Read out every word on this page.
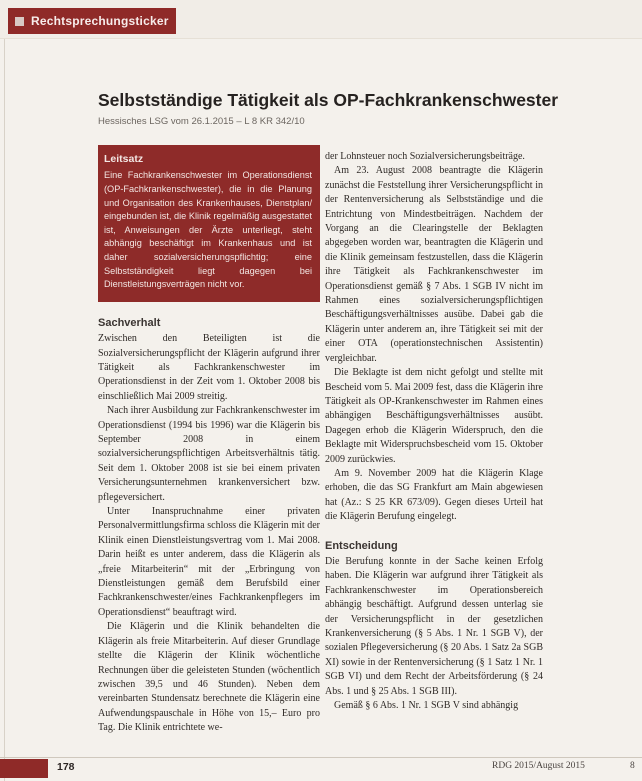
Rechtsprechungsticker
Selbstständige Tätigkeit als OP-Fachkrankenschwester
Hessisches LSG vom 26.1.2015 – L 8 KR 342/10
Leitsatz
Eine Fachkrankenschwester im Operationsdienst (OP-Fachkrankenschwester), die in die Planung und Organisation des Krankenhauses, Dienstplan/ eingebunden ist, die Klinik regelmäßig ausgestattet ist, Anweisungen der Ärzte unterliegt, steht abhängig beschäftigt im Krankenhaus und ist daher sozialversicherungspflichtig; eine Selbstständigkeit liegt dagegen bei Dienstleistungsverträgen nicht vor.
Sachverhalt

Zwischen den Beteiligten ist die Sozialversicherungspflicht der Klägerin aufgrund ihrer Tätigkeit als Fachkrankenschwester im Operationsdienst in der Zeit vom 1. Oktober 2008 bis einschließlich Mai 2009 streitig.

Nach ihrer Ausbildung zur Fachkrankenschwester im Operationsdienst (1994 bis 1996) war die Klägerin bis September 2008 in einem sozialversicherungspflichtigen Arbeitsverhältnis tätig. Seit dem 1. Oktober 2008 ist sie bei einem privaten Versicherungsunternehmen krankenversichert bzw. pflegeversichert.

Unter Inanspruchnahme einer privaten Personalvermittlungsfirma schloss die Klägerin mit der Klinik einen Dienstleistungsvertrag vom 1. Mai 2008. Darin heißt es unter anderem, dass die Klägerin als „freie Mitarbeiterin“ mit der „Erbringung von Dienstleistungen gemäß dem Berufsbild einer Fachkrankenschwester/eines Fachkrankenpflegers im Operationsdienst“ beauftragt wird.

Die Klägerin und die Klinik behandelten die Klägerin als freie Mitarbeiterin. Auf dieser Grundlage stellte die Klägerin der Klinik wöchentliche Rechnungen über die geleisteten Stunden (wöchentlich zwischen 39,5 und 46 Stunden). Neben dem vereinbarten Stundensatz berechnete die Klägerin eine Aufwendungspauschale in Höhe von 15,– Euro pro Tag. Die Klinik entrichtete we-

der Lohnsteuer noch Sozialversicherungsbeiträge.

Am 23. August 2008 beantragte die Klägerin zunächst die Feststellung ihrer Versicherungspflicht in der Rentenversicherung als Selbstständige und die Entrichtung von Mindestbeiträgen. Nachdem der Vorgang an die Clearingstelle der Beklagten abgegeben worden war, beantragten die Klägerin und die Klinik gemeinsam festzustellen, dass die Klägerin ihre Tätigkeit als Fachkrankenschwester im Operationsdienst gemäß § 7 Abs. 1 SGB IV nicht im Rahmen eines sozialversicherungspflichtigen Beschäftigungsverhältnisses ausübe. Dabei gab die Klägerin unter anderem an, ihre Tätigkeit sei mit der einer OTA (operationstechnischen Assistentin) vergleichbar.

Die Beklagte ist dem nicht gefolgt und stellte mit Bescheid vom 5. Mai 2009 fest, dass die Klägerin ihre Tätigkeit als OP-Krankenschwester im Rahmen eines abhängigen Beschäftigungsverhältnisses ausübt. Dagegen erhob die Klägerin Widerspruch, den die Beklagte mit Widerspruchsbescheid vom 15. Oktober 2009 zurückwies.

Am 9. November 2009 hat die Klägerin Klage erhoben, die das SG Frankfurt am Main abgewiesen hat (Az.: S 25 KR 673/09). Gegen dieses Urteil hat die Klägerin Berufung eingelegt.

Entscheidung

Die Berufung konnte in der Sache keinen Erfolg haben. Die Klägerin war aufgrund ihrer Tätigkeit als Fachkrankenschwester im Operationsbereich abhängig beschäftigt. Aufgrund dessen unterlag sie der Versicherungspflicht in der gesetzlichen Krankenversicherung (§ 5 Abs. 1 Nr. 1 SGB V), der sozialen Pflegeversicherung (§ 20 Abs. 1 Satz 2a SGB XI) sowie in der Rentenversicherung (§ 1 Satz 1 Nr. 1 SGB VI) und dem Recht der Arbeitsförderung (§ 24 Abs. 1 und § 25 Abs. 1 SGB III).

Gemäß § 6 Abs. 1 Nr. 1 SGB V sind abhängig

178	RDG 2015/August 2015	8
